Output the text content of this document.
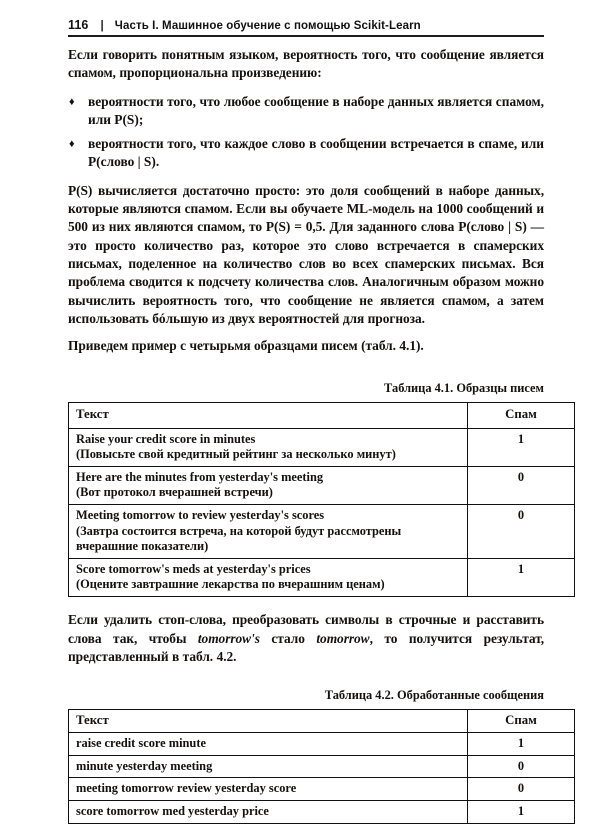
116 | Часть I. Машинное обучение с помощью Scikit-Learn

Если говорить понятным языком, вероятность того, что сообщение является спамом, пропорциональна произведению:

♦ вероятности того, что любое сообщение в наборе данных является спамом, или P(S);
♦ вероятности того, что каждое слово в сообщении встречается в спаме, или P(слово | S).

P(S) вычисляется достаточно просто: это доля сообщений в наборе данных, которые являются спамом. Если вы обучаете ML-модель на 1000 сообщений и 500 из них являются спамом, то P(S) = 0,5. Для заданного слова P(слово | S) — это просто количество раз, которое это слово встречается в спамерских письмах, поделенное на количество слов во всех спамерских письмах. Вся проблема сводится к подсчету количества слов. Аналогичным образом можно вычислить вероятность того, что сообщение не является спамом, а затем использовать бóльшую из двух вероятностей для прогноза.

Приведем пример с четырьмя образцами писем (табл. 4.1).

Таблица 4.1. Образцы писем
Текст	Спам

Raise your credit score in minutes
(Повысьте свой кредитный рейтинг за несколько минут)	1

Here are the minutes from yesterday's meeting
(Вот протокол вчерашней встречи)	0

Meeting tomorrow to review yesterday's scores
(Завтра состоится встреча, на которой будут рассмотрены вчерашние показатели)	0

Score tomorrow's meds at yesterday's prices
(Оцените завтрашние лекарства по вчерашним ценам)	1

Если удалить стоп-слова, преобразовать символы в строчные и расставить слова так, чтобы tomorrow's стало tomorrow, то получится результат, представленный в табл. 4.2.

Таблица 4.2. Обработанные сообщения
Текст	Спам
raise credit score minute	1
minute yesterday meeting	0
meeting tomorrow review yesterday score	0
score tomorrow med yesterday price	1
